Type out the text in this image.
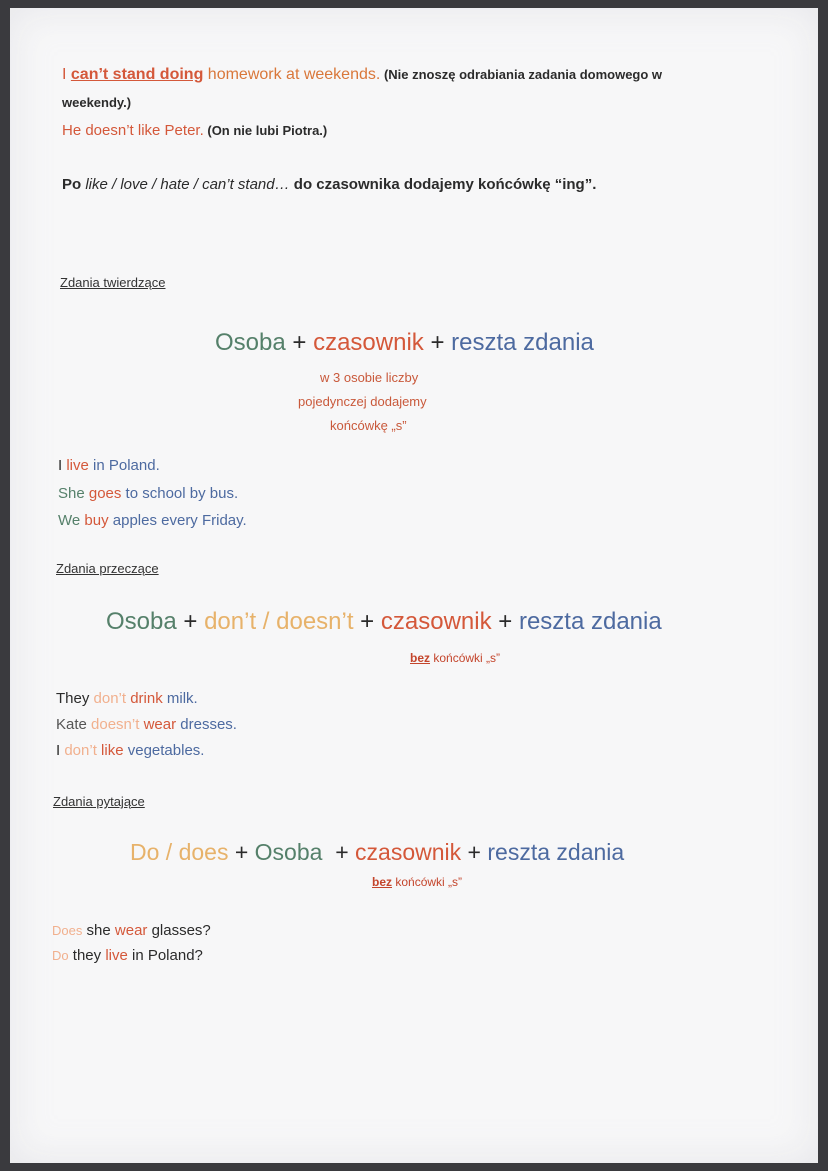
I can’t stand doing homework at weekends. (Nie znoszę odrabiania zadania domowego w
weekendy.)
He doesn’t like Peter. (On nie lubi Piotra.)
Po like / love / hate / can’t stand… do czasownika dodajemy końcówkę “ing”.
Zdania twierdzące
Osoba + czasownik + reszta zdania
w 3 osobie liczby
pojedynczej dodajemy
końcówkę „s”
I live in Poland.
She goes to school by bus.
We buy apples every Friday.
Zdania przeczące
Osoba + don’t / doesn’t + czasownik + reszta zdania
bez końcówki „s”
They don’t drink milk.
Kate doesn’t wear dresses.
I don’t like vegetables.
Zdania pytające
Do / does + Osoba  + czasownik + reszta zdania
bez końcówki „s”
Does she wear glasses?
Do they live in Poland?
